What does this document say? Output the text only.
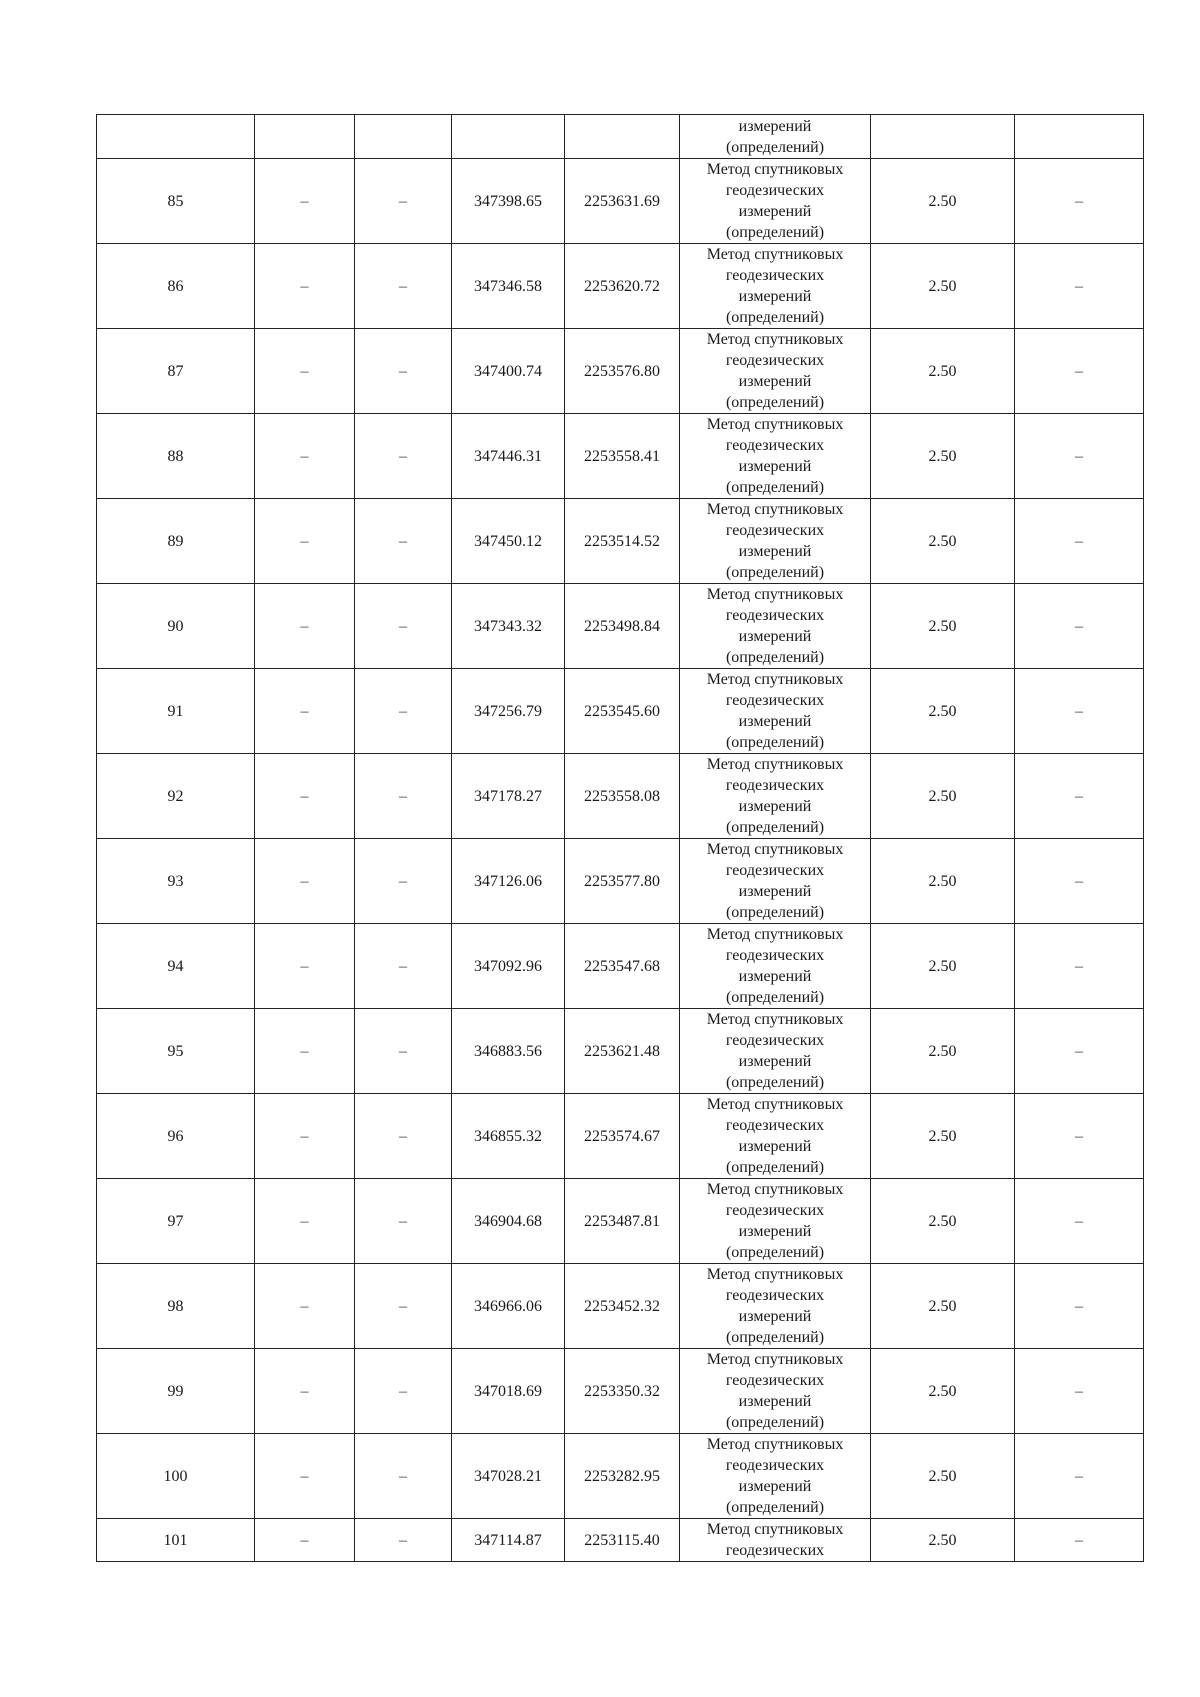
					измерений
(определений)		

85	–	–	347398.65	2253631.69	Метод спутниковых
геодезических
измерений
(определений)	2.50	–
86	–	–	347346.58	2253620.72	Метод спутниковых
геодезических
измерений
(определений)	2.50	–
87	–	–	347400.74	2253576.80	Метод спутниковых
геодезических
измерений
(определений)	2.50	–
88	–	–	347446.31	2253558.41	Метод спутниковых
геодезических
измерений
(определений)	2.50	–
89	–	–	347450.12	2253514.52	Метод спутниковых
геодезических
измерений
(определений)	2.50	–
90	–	–	347343.32	2253498.84	Метод спутниковых
геодезических
измерений
(определений)	2.50	–
91	–	–	347256.79	2253545.60	Метод спутниковых
геодезических
измерений
(определений)	2.50	–
92	–	–	347178.27	2253558.08	Метод спутниковых
геодезических
измерений
(определений)	2.50	–
93	–	–	347126.06	2253577.80	Метод спутниковых
геодезических
измерений
(определений)	2.50	–
94	–	–	347092.96	2253547.68	Метод спутниковых
геодезических
измерений
(определений)	2.50	–
95	–	–	346883.56	2253621.48	Метод спутниковых
геодезических
измерений
(определений)	2.50	–
96	–	–	346855.32	2253574.67	Метод спутниковых
геодезических
измерений
(определений)	2.50	–
97	–	–	346904.68	2253487.81	Метод спутниковых
геодезических
измерений
(определений)	2.50	–
98	–	–	346966.06	2253452.32	Метод спутниковых
геодезических
измерений
(определений)	2.50	–
99	–	–	347018.69	2253350.32	Метод спутниковых
геодезических
измерений
(определений)	2.50	–
100	–	–	347028.21	2253282.95	Метод спутниковых
геодезических
измерений
(определений)	2.50	–
101	–	–	347114.87	2253115.40	Метод спутниковых
геодезических	2.50	–
